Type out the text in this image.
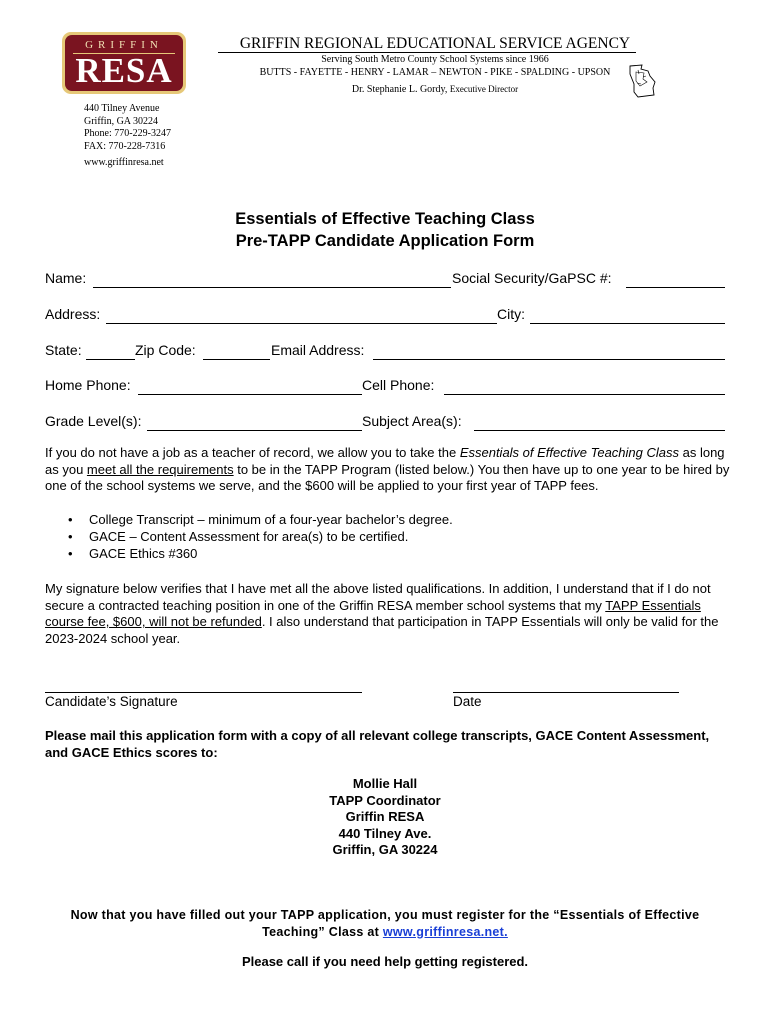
GRIFFIN
RESA
GRIFFIN REGIONAL EDUCATIONAL SERVICE AGENCY
Serving South Metro County School Systems since 1966
BUTTS - FAYETTE - HENRY - LAMAR – NEWTON - PIKE - SPALDING - UPSON
Dr. Stephanie L. Gordy, Executive Director
440 Tilney Avenue
Griffin, GA 30224
Phone: 770-229-3247
FAX: 770-228-7316
www.griffinresa.net
Essentials of Effective Teaching Class
Pre-TAPP Candidate Application Form
Name:	Social Security/GaPSC #:
Address:	City:
State:	Zip Code:	Email Address:
Home Phone:	Cell Phone:
Grade Level(s):	Subject Area(s):
If you do not have a job as a teacher of record, we allow you to take the Essentials of Effective Teaching Class as long as you meet all the requirements to be in the TAPP Program (listed below.) You then have up to one year to be hired by one of the school systems we serve, and the $600 will be applied to your first year of TAPP fees.
• College Transcript – minimum of a four-year bachelor’s degree.
• GACE – Content Assessment for area(s) to be certified.
• GACE Ethics #360
My signature below verifies that I have met all the above listed qualifications. In addition, I understand that if I do not secure a contracted teaching position in one of the Griffin RESA member school systems that my TAPP Essentials course fee, $600, will not be refunded. I also understand that participation in TAPP Essentials will only be valid for the 2023-2024 school year.
Candidate’s Signature	Date
Please mail this application form with a copy of all relevant college transcripts, GACE Content Assessment, and GACE Ethics scores to:
Mollie Hall
TAPP Coordinator
Griffin RESA
440 Tilney Ave.
Griffin, GA 30224
Now that you have filled out your TAPP application, you must register for the “Essentials of Effective Teaching” Class at www.griffinresa.net.
Please call if you need help getting registered.
